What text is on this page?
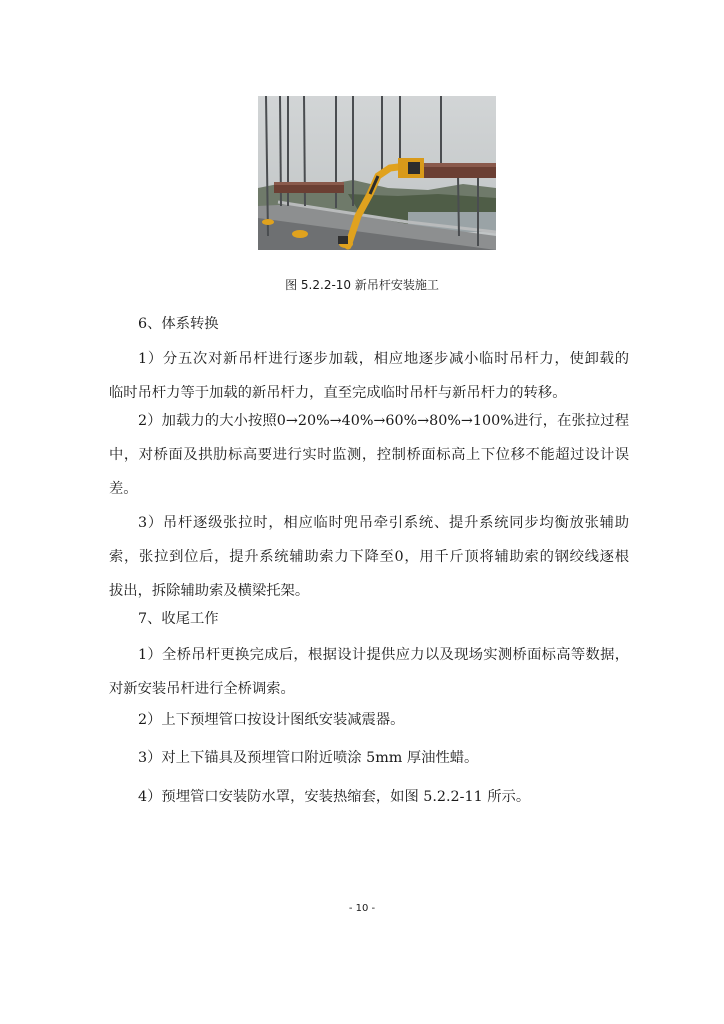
图 5.2.2-10 新吊杆安装施工
6、体系转换
1）分五次对新吊杆进行逐步加载，相应地逐步减小临时吊杆力，使卸载的
临时吊杆力等于加载的新吊杆力，直至完成临时吊杆与新吊杆力的转移。
2）加载力的大小按照0→20%→40%→60%→80%→100%进行，在张拉过程
中，对桥面及拱肋标高要进行实时监测，控制桥面标高上下位移不能超过设计误
差。
3）吊杆逐级张拉时，相应临时兜吊牵引系统、提升系统同步均衡放张辅助
索，张拉到位后，提升系统辅助索力下降至0，用千斤顶将辅助索的钢绞线逐根
拔出，拆除辅助索及横梁托架。
7、收尾工作
1）全桥吊杆更换完成后，根据设计提供应力以及现场实测桥面标高等数据，
对新安装吊杆进行全桥调索。
2）上下预埋管口按设计图纸安装减震器。
3）对上下锚具及预埋管口附近喷涂 5mm 厚油性蜡。
4）预埋管口安装防水罩，安装热缩套，如图 5.2.2-11 所示。
- 10 -
